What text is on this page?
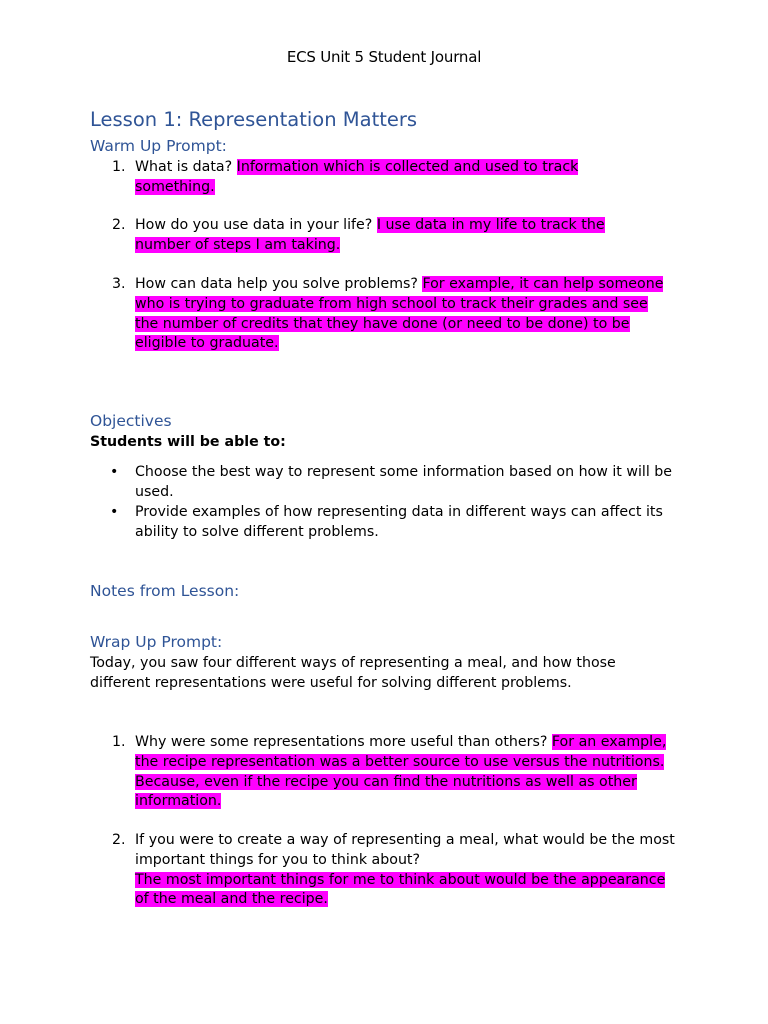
ECS Unit 5 Student Journal
Lesson 1: Representation Matters
Warm Up Prompt:
1. What is data? Information which is collected and used to track something.
2. How do you use data in your life? I use data in my life to track the number of steps I am taking.
3. How can data help you solve problems? For example, it can help someone who is trying to graduate from high school to track their grades and see the number of credits that they have done (or need to be done) to be eligible to graduate.
Objectives
Students will be able to:
• Choose the best way to represent some information based on how it will be used.
• Provide examples of how representing data in different ways can affect its ability to solve different problems.
Notes from Lesson:
Wrap Up Prompt:
Today, you saw four different ways of representing a meal, and how those different representations were useful for solving different problems.
1. Why were some representations more useful than others? For an example, the recipe representation was a better source to use versus the nutritions. Because, even if the recipe you can find the nutritions as well as other information.
2. If you were to create a way of representing a meal, what would be the most important things for you to think about?
The most important things for me to think about would be the appearance of the meal and the recipe.
